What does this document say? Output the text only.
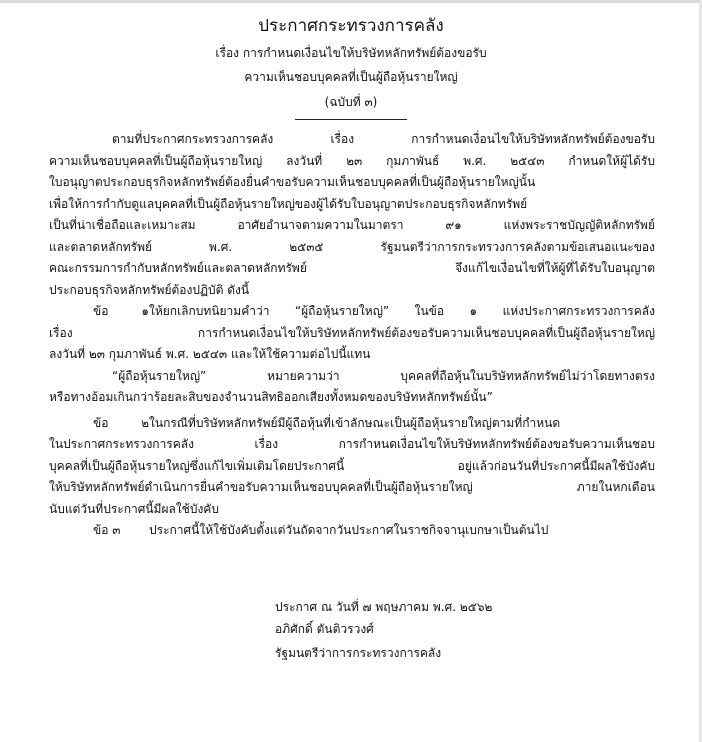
ประกาศกระทรวงการคลัง
เรื่อง การกำหนดเงื่อนไขให้บริษัทหลักทรัพย์ต้องขอรับ
ความเห็นชอบบุคคลที่เป็นผู้ถือหุ้นรายใหญ่
(ฉบับที่ ๓)
ตามที่ประกาศกระทรวงการคลัง เรื่อง การกำหนดเงื่อนไขให้บริษัทหลักทรัพย์ต้องขอรับ
ความเห็นชอบบุคคลที่เป็นผู้ถือหุ้นรายใหญ่ ลงวันที่ ๒๓ กุมภาพันธ์ พ.ศ. ๒๕๔๓ กำหนดให้ผู้ได้รับ
ใบอนุญาตประกอบธุรกิจหลักทรัพย์ต้องยื่นคำขอรับความเห็นชอบบุคคลที่เป็นผู้ถือหุ้นรายใหญ่นั้น
เพื่อให้การกำกับดูแลบุคคลที่เป็นผู้ถือหุ้นรายใหญ่ของผู้ได้รับใบอนุญาตประกอบธุรกิจหลักทรัพย์
เป็นที่น่าเชื่อถือและเหมาะสม อาศัยอำนาจตามความในมาตรา ๙๑ แห่งพระราชบัญญัติหลักทรัพย์
และตลาดหลักทรัพย์ พ.ศ. ๒๕๓๕ รัฐมนตรีว่าการกระทรวงการคลังตามข้อเสนอแนะของ
คณะกรรมการกำกับหลักทรัพย์และตลาดหลักทรัพย์ จึงแก้ไขเงื่อนไขที่ให้ผู้ที่ได้รับใบอนุญาต
ประกอบธุรกิจหลักทรัพย์ต้องปฏิบัติ ดังนี้
ข้อ ๑ให้ยกเลิกบทนิยามคำว่า “ผู้ถือหุ้นรายใหญ่” ในข้อ ๑ แห่งประกาศกระทรวงการคลัง
เรื่อง การกำหนดเงื่อนไขให้บริษัทหลักทรัพย์ต้องขอรับความเห็นชอบบุคคลที่เป็นผู้ถือหุ้นรายใหญ่
ลงวันที่ ๒๓ กุมภาพันธ์ พ.ศ. ๒๕๔๓ และให้ใช้ความต่อไปนี้แทน
“ผู้ถือหุ้นรายใหญ่” หมายความว่า บุคคลที่ถือหุ้นในบริษัทหลักทรัพย์ไม่ว่าโดยทางตรง
หรือทางอ้อมเกินกว่าร้อยละสิบของจำนวนสิทธิออกเสียงทั้งหมดของบริษัทหลักทรัพย์นั้น”
ข้อ ๒ในกรณีที่บริษัทหลักทรัพย์มีผู้ถือหุ้นที่เข้าลักษณะเป็นผู้ถือหุ้นรายใหญ่ตามที่กำหนด
ในประกาศกระทรวงการคลัง เรื่อง การกำหนดเงื่อนไขให้บริษัทหลักทรัพย์ต้องขอรับความเห็นชอบ
บุคคลที่เป็นผู้ถือหุ้นรายใหญ่ซึ่งแก้ไขเพิ่มเติมโดยประกาศนี้ อยู่แล้วก่อนวันที่ประกาศนี้มีผลใช้บังคับ
ให้บริษัทหลักทรัพย์ดำเนินการยื่นคำขอรับความเห็นชอบบุคคลที่เป็นผู้ถือหุ้นรายใหญ่ ภายในหกเดือน
นับแต่วันที่ประกาศนี้มีผลใช้บังคับ
ข้อ ๓ ประกาศนี้ให้ใช้บังคับตั้งแต่วันถัดจากวันประกาศในราชกิจจานุเบกษาเป็นต้นไป
ประกาศ ณ วันที่ ๗ พฤษภาคม พ.ศ. ๒๕๖๒
อภิศักดิ์ ตันติวรวงศ์
รัฐมนตรีว่าการกระทรวงการคลัง
